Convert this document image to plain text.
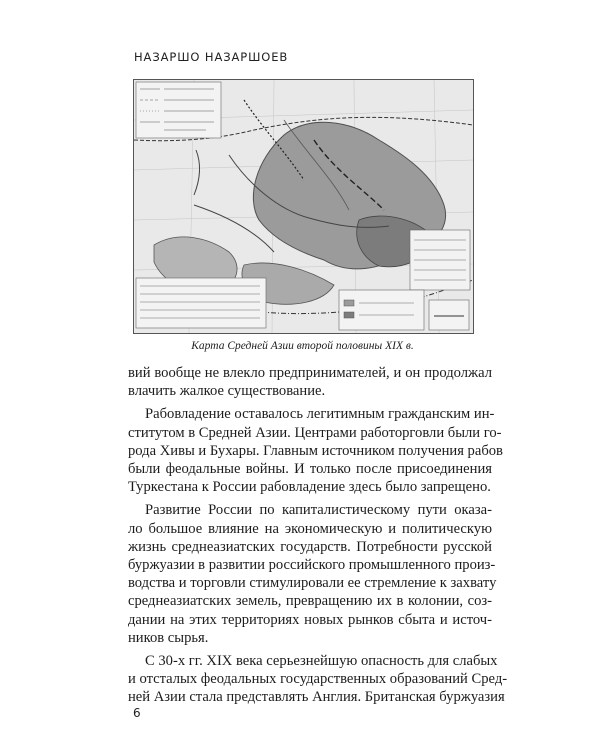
НАЗАРШО НАЗАРШОЕВ
Карта Средней Азии второй половины XIX в.
вий вообще не влекло предпринимателей, и он продолжал
влачить жалкое существование.
Рабовладение оставалось легитимным гражданским ин-
ститутом в Средней Азии. Центрами работорговли были го-
рода Хивы и Бухары. Главным источником получения рабов
были феодальные войны. И только после присоединения
Туркестана к России рабовладение здесь было запрещено.
Развитие России по капиталистическому пути оказа-
ло большое влияние на экономическую и политическую
жизнь среднеазиатских государств. Потребности русской
буржуазии в развитии российского промышленного произ-
водства и торговли стимулировали ее стремление к захвату
среднеазиатских земель, превращению их в колонии, соз-
дании на этих территориях новых рынков сбыта и источ-
ников сырья.
С 30-х гг. XIX века серьезнейшую опасность для слабых
и отсталых феодальных государственных образований Сред-
ней Азии стала представлять Англия. Британская буржуазия
6
